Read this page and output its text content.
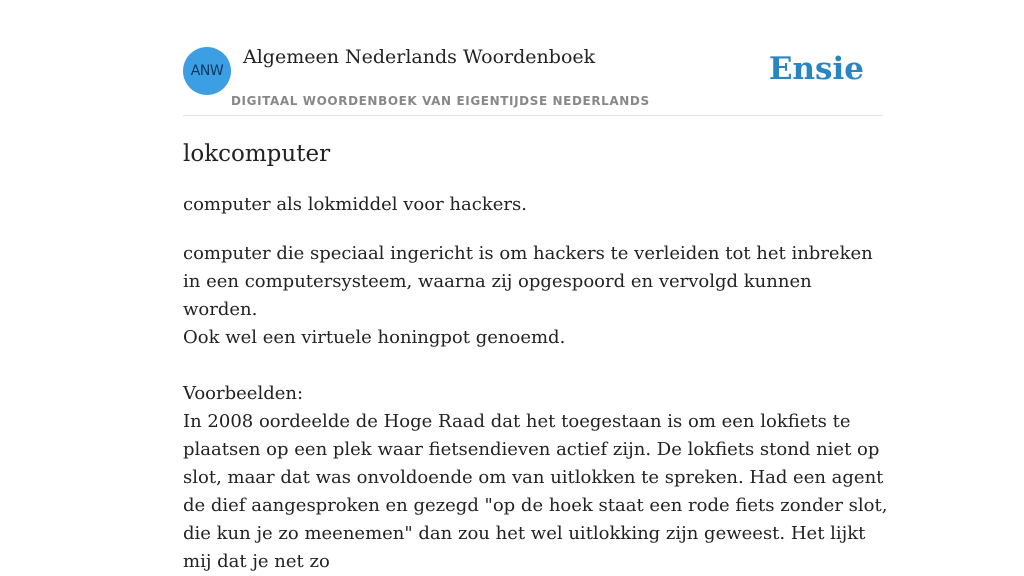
ANW
Algemeen Nederlands Woordenboek
DIGITAAL WOORDENBOEK VAN EIGENTIJDSE NEDERLANDS
Ensie
lokcomputer
computer als lokmiddel voor hackers.

computer die speciaal ingericht is om hackers te verleiden tot het inbreken in een computersysteem, waarna zij opgespoord en vervolgd kunnen worden.

Ook wel een virtuele honingpot genoemd.

Voorbeelden:

In 2008 oordeelde de Hoge Raad dat het toegestaan is om een lokfiets te plaatsen op een plek waar fietsendieven actief zijn. De lokfiets stond niet op slot, maar dat was onvoldoende om van uitlokken te spreken. Had een agent de dief aangesproken en gezegd "op de hoek staat een rode fiets zonder slot, die kun je zo meenemen" dan zou het wel uitlokking zijn geweest. Het lijkt mij dat je net zo
